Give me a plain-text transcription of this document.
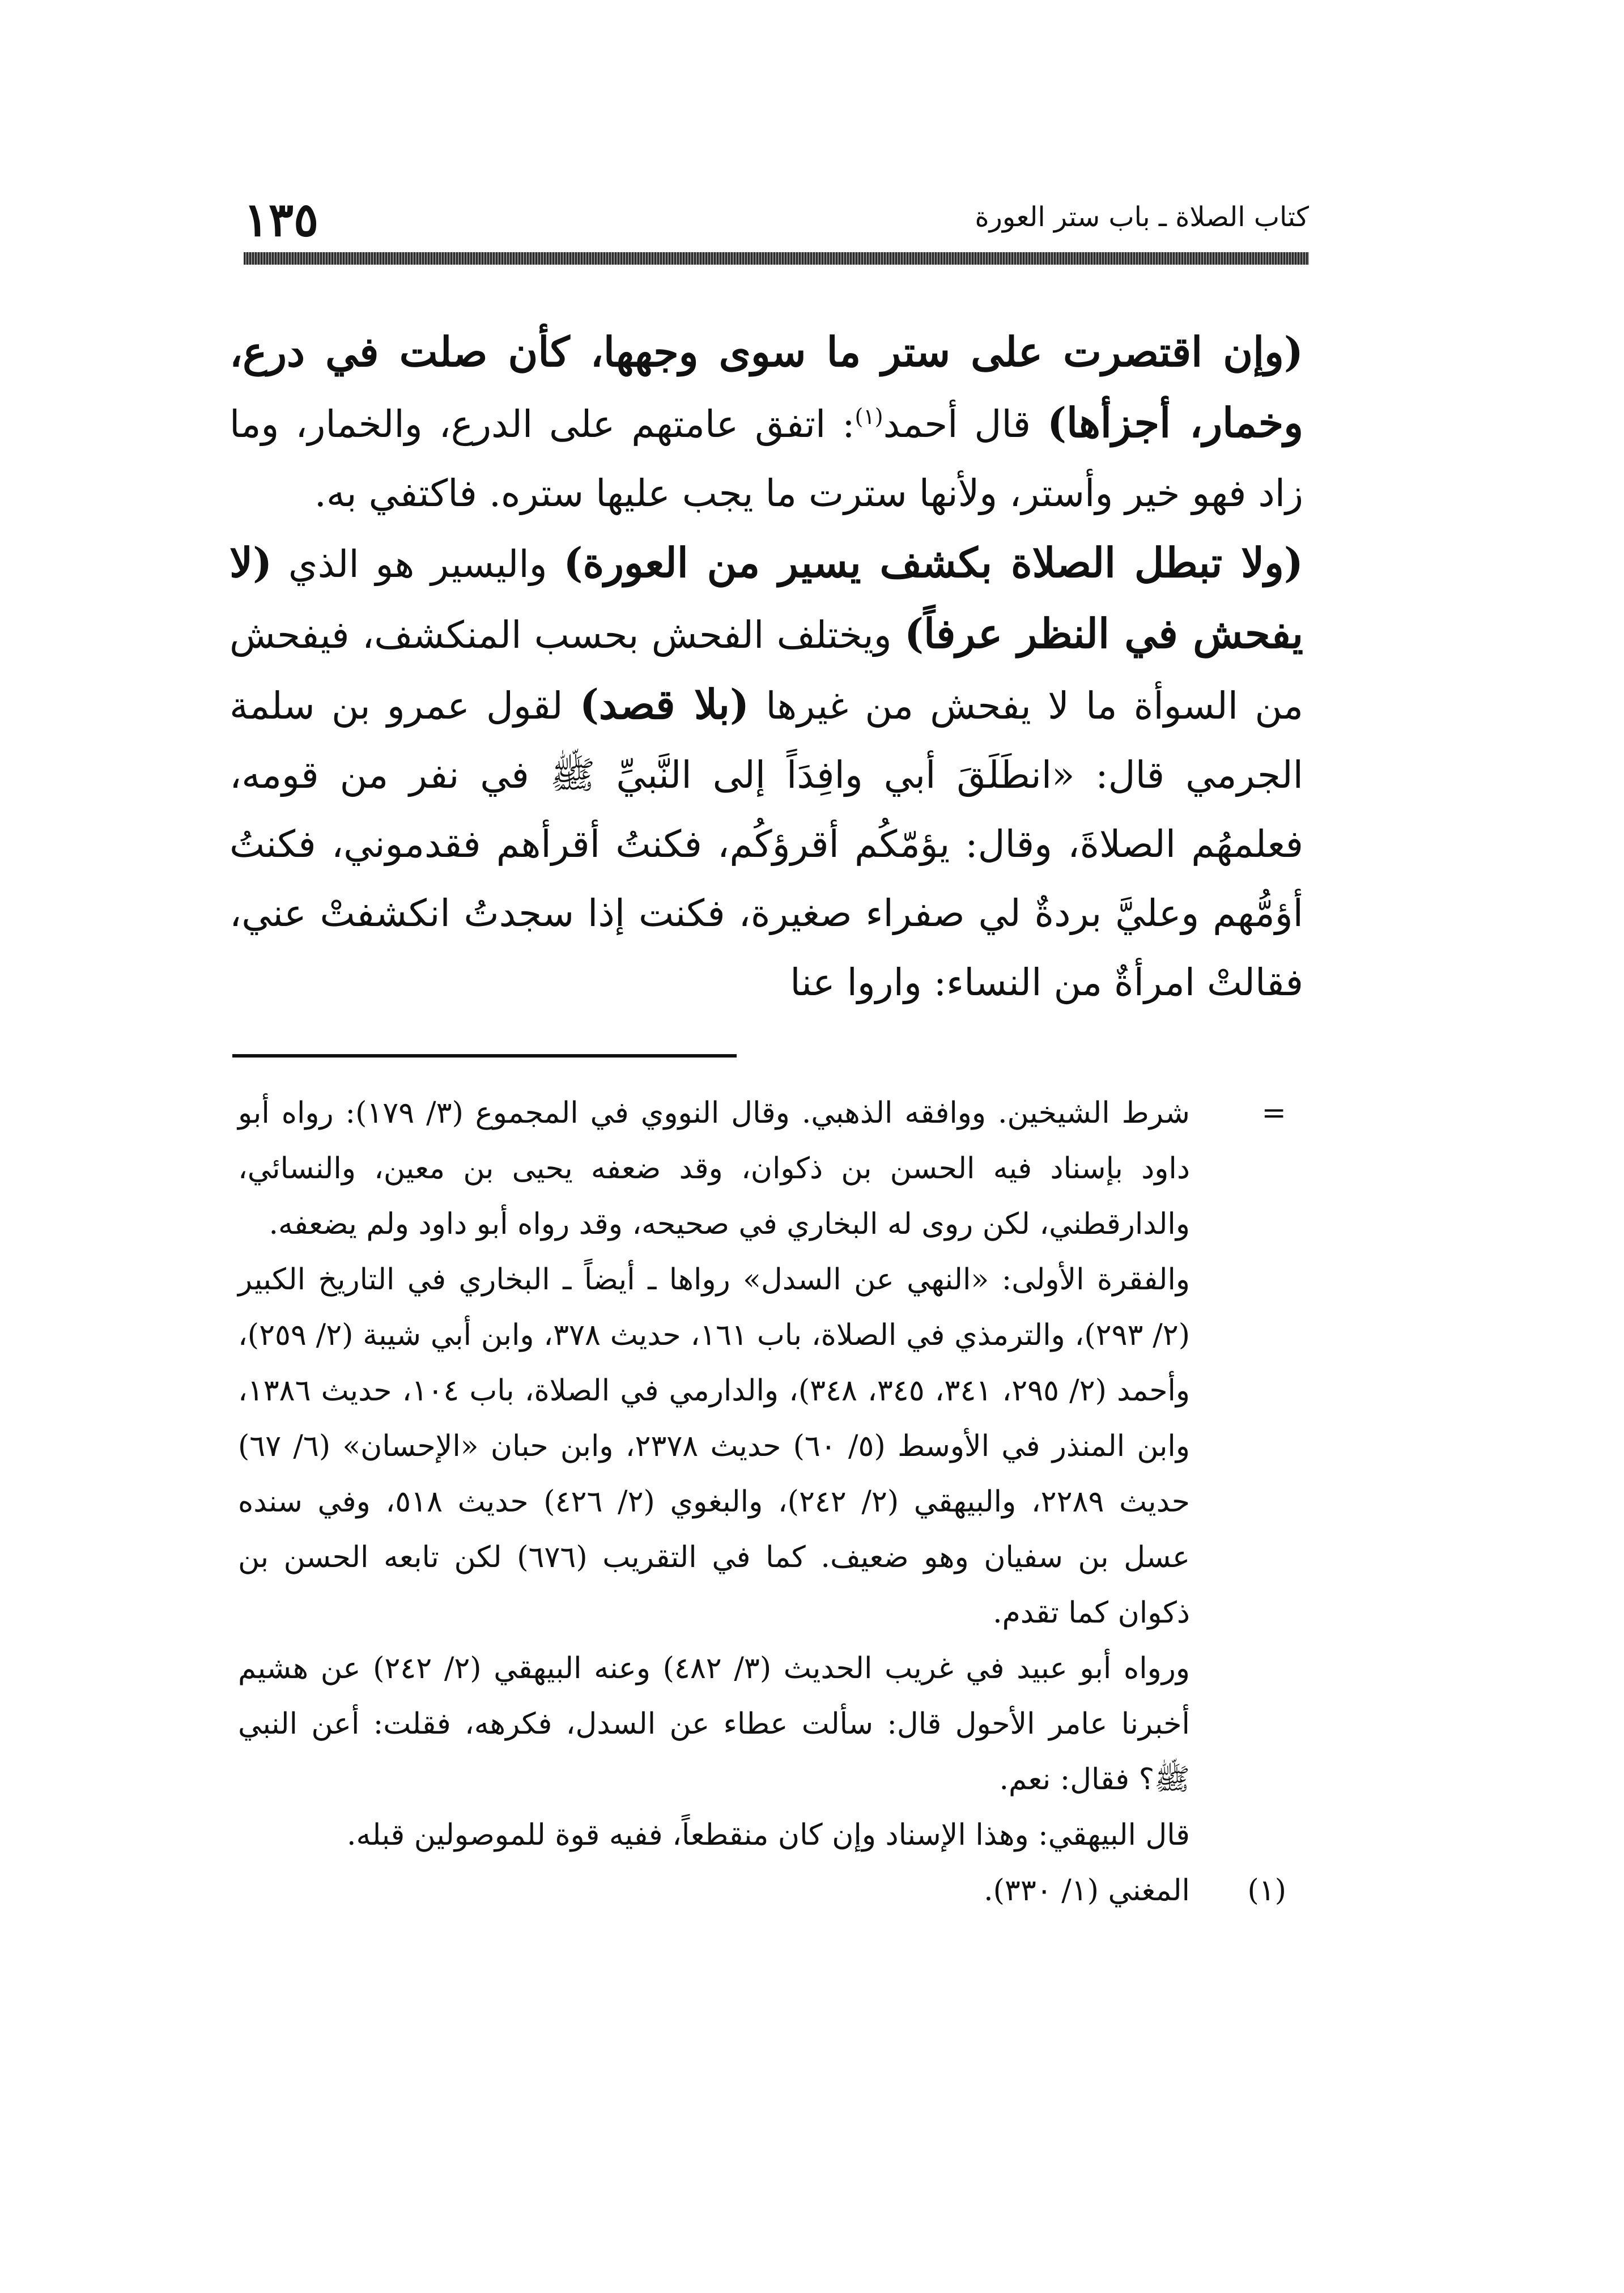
١٣٥	كتاب الصلاة ـ باب ستر العورة

(وإن اقتصرت على ستر ما سوى وجهها، كأن صلت في درع، وخمار، أجزأها) قال أحمد$^{(١)}$: اتفق عامتهم على الدرع، والخمار، وما زاد فهو خير وأستر، ولأنها سترت ما يجب عليها ستره. فاكتفي به.

(ولا تبطل الصلاة بكشف يسير من العورة) واليسير هو الذي (لا يفحش في النظر عرفاً) ويختلف الفحش بحسب المنكشف، فيفحش من السوأة ما لا يفحش من غيرها (بلا قصد) لقول عمرو بن سلمة الجرمي قال: «انطَلَقَ أبي وافِدَاً إلى النَّبيِّ ﷺ في نفر من قومه، فعلمهُم الصلاةَ، وقال: يؤمّكُم أقرؤكُم، فكنتُ أقرأهم فقدموني، فكنتُ أؤمُّهم وعليَّ بردةٌ لي صفراء صغيرة، فكنت إذا سجدتُ انكشفتْ عني، فقالتْ امرأةٌ من النساء: واروا عنا

=

شرط الشيخين. ووافقه الذهبي. وقال النووي في المجموع (٣/ ١٧٩): رواه أبو داود بإسناد فيه الحسن بن ذكوان، وقد ضعفه يحيى بن معين، والنسائي، والدارقطني، لكن روى له البخاري في صحيحه، وقد رواه أبو داود ولم يضعفه.

والفقرة الأولى: «النهي عن السدل» رواها ـ أيضاً ـ البخاري في التاريخ الكبير (٢/ ٢٩٣)، والترمذي في الصلاة، باب ١٦١، حديث ٣٧٨، وابن أبي شيبة (٢/ ٢٥٩)، وأحمد (٢/ ٢٩٥، ٣٤١، ٣٤٥، ٣٤٨)، والدارمي في الصلاة، باب ١٠٤، حديث ١٣٨٦، وابن المنذر في الأوسط (٥/ ٦٠) حديث ٢٣٧٨، وابن حبان «الإحسان» (٦/ ٦٧) حديث ٢٢٨٩، والبيهقي (٢/ ٢٤٢)، والبغوي (٢/ ٤٢٦) حديث ٥١٨، وفي سنده عسل بن سفيان وهو ضعيف. كما في التقريب (٦٧٦) لكن تابعه الحسن بن ذكوان كما تقدم.

ورواه أبو عبيد في غريب الحديث (٣/ ٤٨٢) وعنه البيهقي (٢/ ٢٤٢) عن هشيم أخبرنا عامر الأحول قال: سألت عطاء عن السدل، فكرهه، فقلت: أعن النبي ﷺ؟ فقال: نعم.

قال البيهقي: وهذا الإسناد وإن كان منقطعاً، ففيه قوة للموصولين قبله.

(١)

المغني (١/ ٣٣٠).
